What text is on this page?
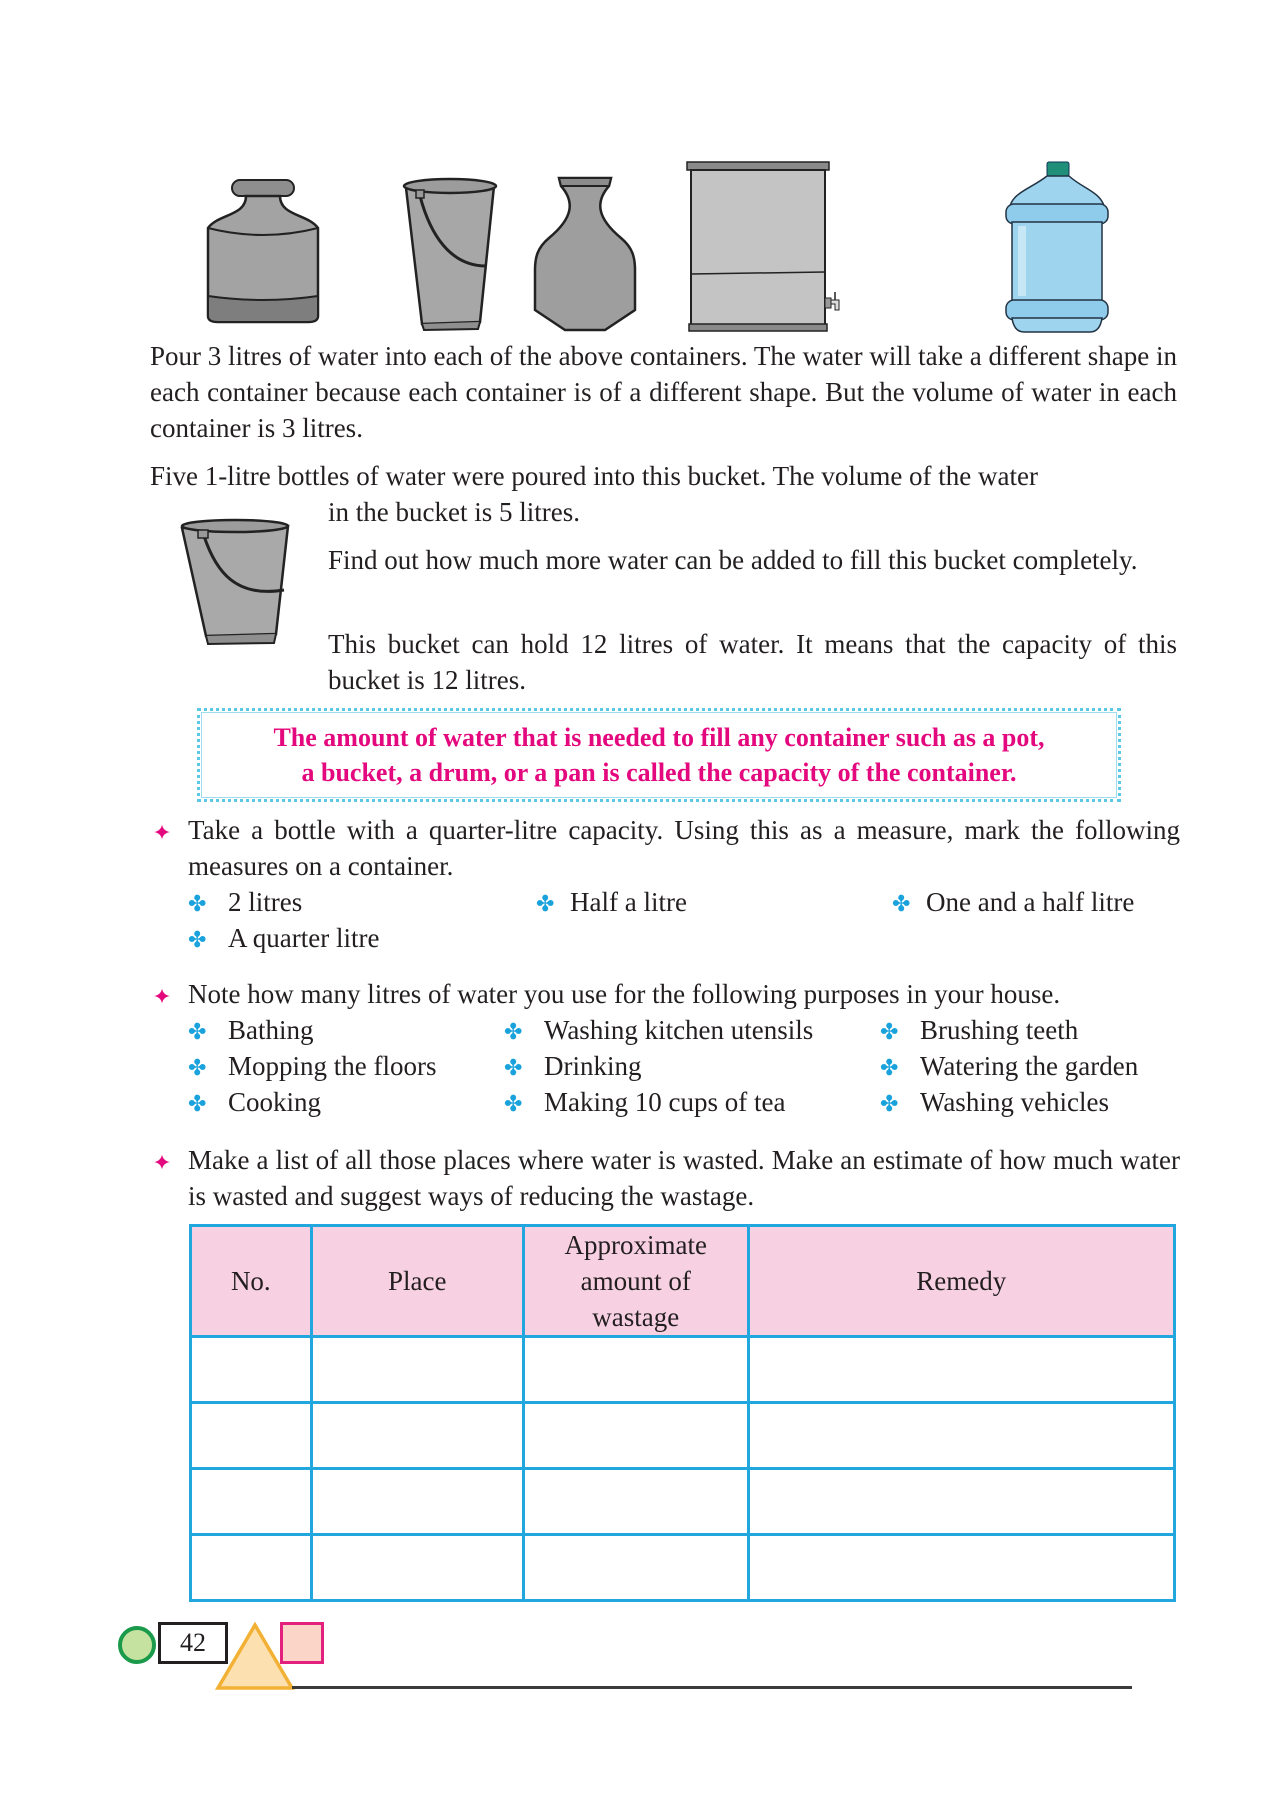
Pour 3 litres of water into each of the above containers. The water will take a different shape in each container because each container is of a different shape. But the volume of water in each container is 3 litres.
Five 1-litre bottles of water were poured into this bucket. The volume of the water
in the bucket is 5 litres.
Find out how much more water can be added to fill this bucket completely.
This bucket can hold 12 litres of water. It means that the capacity of this bucket is 12 litres.
The amount of water that is needed to fill any container such as a pot,
a bucket, a drum, or a pan is called the capacity of the container.
Take a bottle with a quarter-litre capacity. Using this as a measure, mark the following measures on a container.
✤ 2 litres	✤ Half a litre	✤ One and a half litre
✤ A quarter litre
Note how many litres of water you use for the following purposes in your house.
✤ Bathing	✤ Washing kitchen utensils	✤ Brushing teeth
✤ Mopping the floors	✤ Drinking	✤ Watering the garden
✤ Cooking	✤ Making 10 cups of tea	✤ Washing vehicles
Make a list of all those places where water is wasted. Make an estimate of how much water is wasted and suggest ways of reducing the wastage.
No.	Place	Approximate
amount of
wastage	Remedy

42
